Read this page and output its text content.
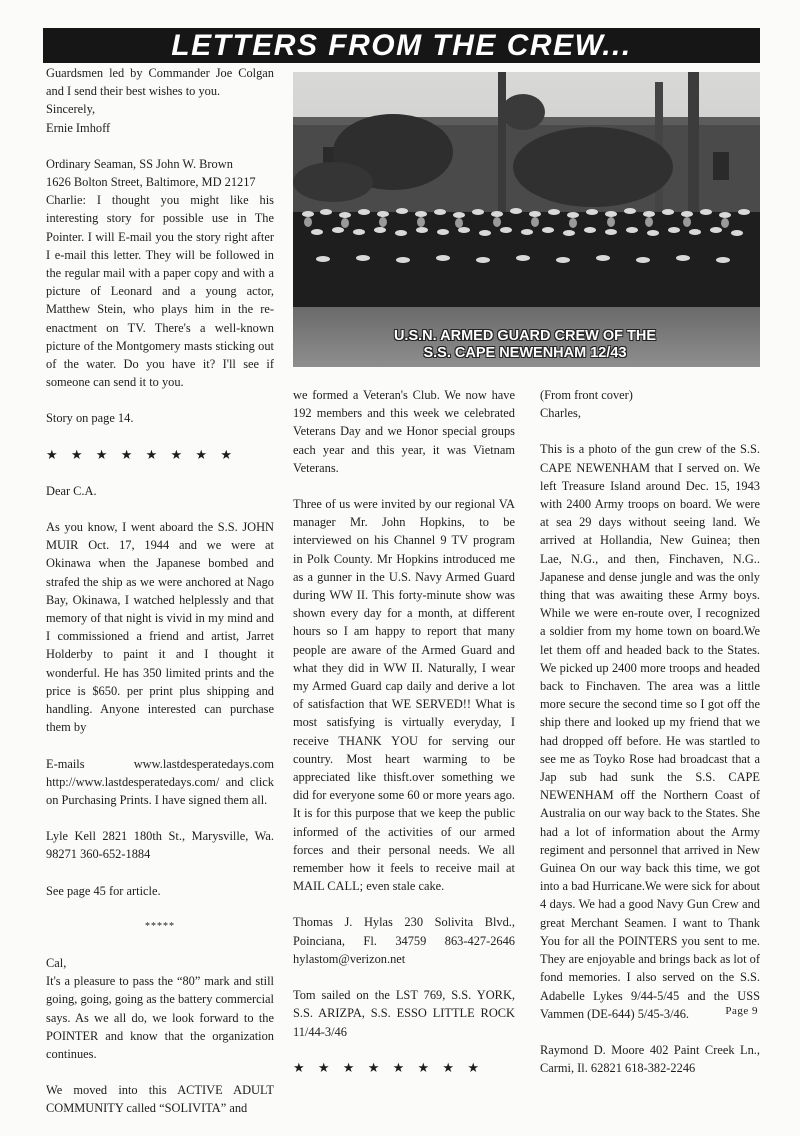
LETTERS FROM THE CREW...

Guardsmen led by Commander Joe Colgan and I send their best wishes to you.

Sincerely,

Ernie Imhoff

Ordinary Seaman, SS John W. Brown

1626 Bolton Street, Baltimore, MD 21217

Charlie: I thought you might like his interesting story for possible use in The Pointer. I will E-mail you the story right after I e-mail this letter. They will be followed in the regular mail with a paper copy and with a picture of Leonard and a young actor, Matthew Stein, who plays him in the re-enactment on TV. There's a well-known picture of the Montgomery masts sticking out of the water. Do you have it? I'll see if someone can send it to you.

Story on page 14.

★ ★ ★ ★ ★ ★ ★ ★

Dear C.A.

As you know, I went aboard the S.S. JOHN MUIR Oct. 17, 1944 and we were at Okinawa when the Japanese bombed and strafed the ship as we were anchored at Nago Bay, Okinawa, I watched helplessly and that memory of that night is vivid in my mind and I commissioned a friend and artist, Jarret Holderby to paint it and I thought it wonderful. He has 350 limited prints and the price is $650. per print plus shipping and handling. Anyone interested can purchase them by

E-mails www.lastdesperatedays.com http://www.lastdesperatedays.com/ and click on Purchasing Prints. I have signed them all.

Lyle Kell 2821 180th St., Marysville, Wa. 98271 360-652-1884

See page 45 for article.

*****

Cal,

It's a pleasure to pass the “80” mark and still going, going, going as the battery commercial says. As we all do, we look forward to the POINTER and know that the organization continues.

We moved into this ACTIVE ADULT COMMUNITY called “SOLIVITA” and

U.S.N. ARMED GUARD CREW OF THE
S.S. CAPE NEWENHAM 12/43

we formed a Veteran's Club. We now have 192 members and this week we celebrated Veterans Day and we Honor special groups each year and this year, it was Vietnam Veterans.

Three of us were invited by our regional VA manager Mr. John Hopkins, to be interviewed on his Channel 9 TV program in Polk County. Mr Hopkins introduced me as a gunner in the U.S. Navy Armed Guard during WW II. This forty-minute show was shown every day for a month, at different hours so I am happy to report that many people are aware of the Armed Guard and what they did in WW II. Naturally, I wear my Armed Guard cap daily and derive a lot of satisfaction that WE SERVED!! What is most satisfying is virtually everyday, I receive THANK YOU for serving our country. Most heart warming to be appreciated like thisft.over something we did for everyone some 60 or more years ago. It is for this purpose that we keep the public informed of the activities of our armed forces and their personal needs. We all remember how it feels to receive mail at MAIL CALL; even stale cake.

Thomas J. Hylas 230 Solivita Blvd., Poinciana, Fl. 34759 863-427-2646 hylastom@verizon.net

Tom sailed on the LST 769, S.S. YORK, S.S. ARIZPA, S.S. ESSO LITTLE ROCK 11/44-3/46

★ ★ ★ ★ ★ ★ ★ ★

(From front cover)

Charles,

This is a photo of the gun crew of the S.S. CAPE NEWENHAM that I served on. We left Treasure Island around Dec. 15, 1943 with 2400 Army troops on board. We were at sea 29 days without seeing land. We arrived at Hollandia, New Guinea; then Lae, N.G., and then, Finchaven, N.G.. Japanese and dense jungle and was the only thing that was awaiting these Army boys. While we were en-route over, I recognized a soldier from my home town on board.We let them off and headed back to the States. We picked up 2400 more troops and headed back to Finchaven. The area was a little more secure the second time so I got off the ship there and looked up my friend that we had dropped off before. He was startled to see me as Toyko Rose had broadcast that a Jap sub had sunk the S.S. CAPE NEWENHAM off the Northern Coast of Australia on our way back to the States. She had a lot of information about the Army regiment and personnel that arrived in New Guinea On our way back this time, we got into a bad Hurricane.We were sick for about 4 days. We had a good Navy Gun Crew and great Merchant Seamen. I want to Thank You for all the POINTERS you sent to me. They are enjoyable and brings back as lot of fond memories. I also served on the S.S. Adabelle Lykes 9/44-5/45 and the USS Vammen (DE-644) 5/45-3/46.

Raymond D. Moore 402 Paint Creek Ln., Carmi, Il. 62821 618-382-2246

Page 9
